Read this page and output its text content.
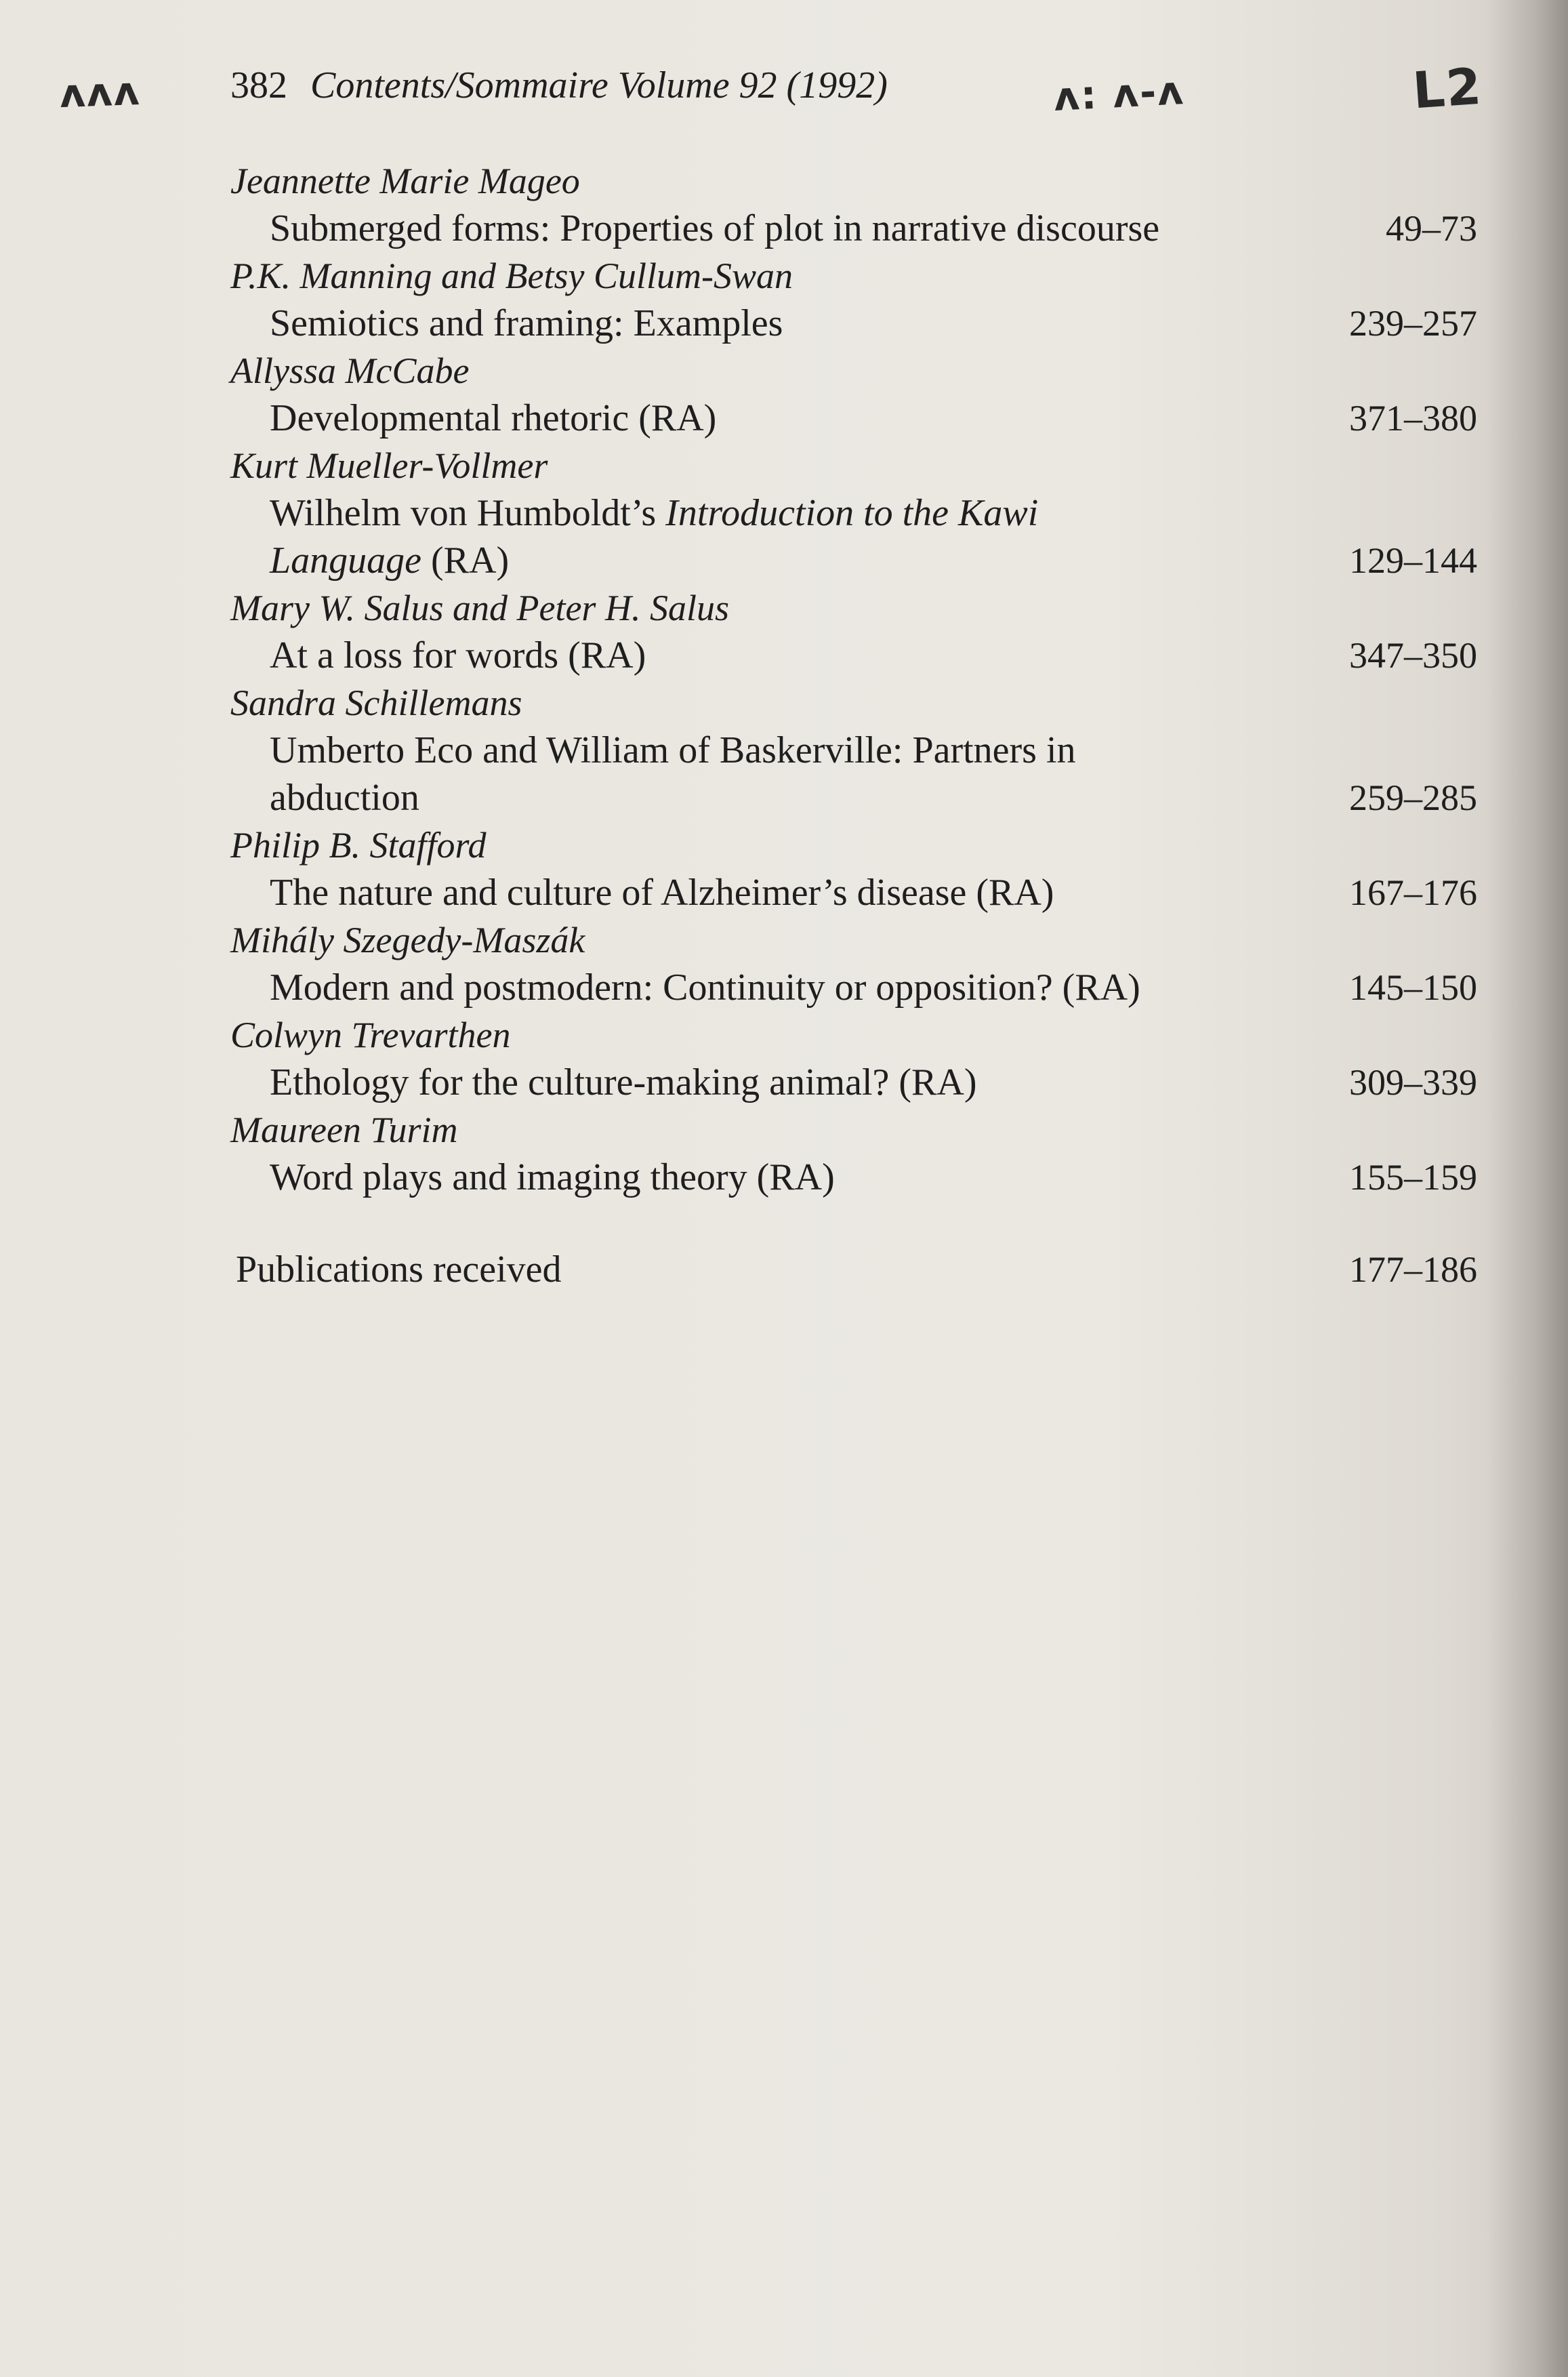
ᴧᴧᴧ 382 Contents/Sommaire Volume 92 (1992)	ᴧ: ᴧ-ᴧ	L2
Jeannette Marie Mageo
Submerged forms: Properties of plot in narrative discourse	49–73
P.K. Manning and Betsy Cullum-Swan
Semiotics and framing: Examples	239–257
Allyssa McCabe
Developmental rhetoric (RA)	371–380
Kurt Mueller-Vollmer
Wilhelm von Humboldt’s Introduction to the Kawi
Language (RA)	129–144
Mary W. Salus and Peter H. Salus
At a loss for words (RA)	347–350
Sandra Schillemans
Umberto Eco and William of Baskerville: Partners in
abduction	259–285
Philip B. Stafford
The nature and culture of Alzheimer’s disease (RA)	167–176
Mihály Szegedy-Maszák
Modern and postmodern: Continuity or opposition? (RA)	145–150
Colwyn Trevarthen
Ethology for the culture-making animal? (RA)	309–339
Maureen Turim
Word plays and imaging theory (RA)	155–159
Publications received	177–186
